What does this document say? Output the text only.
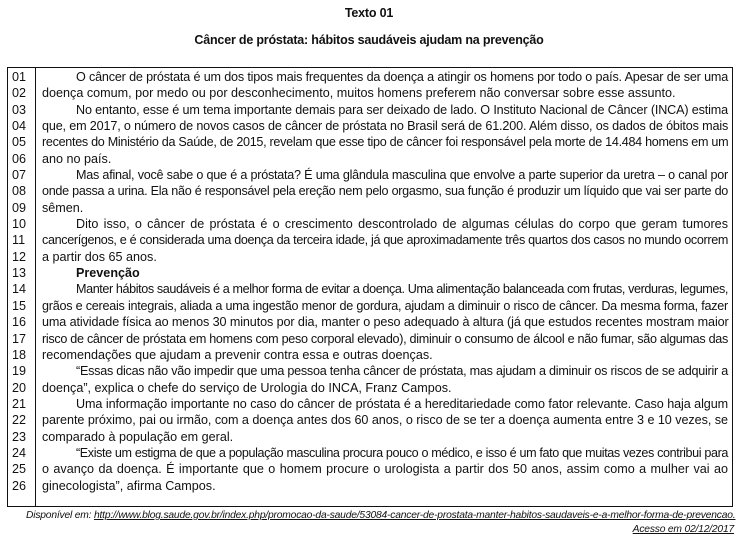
Texto 01
Câncer de próstata: hábitos saudáveis ajudam na prevenção
01	O câncer de próstata é um dos tipos mais frequentes da doença a atingir os homens por todo o país. Apesar de ser uma
02	doença comum, por medo ou por desconhecimento, muitos homens preferem não conversar sobre esse assunto.
03	No entanto, esse é um tema importante demais para ser deixado de lado. O Instituto Nacional de Câncer (INCA) estima
04	que, em 2017, o número de novos casos de câncer de próstata no Brasil será de 61.200. Além disso, os dados de óbitos mais
05	recentes do Ministério da Saúde, de 2015, revelam que esse tipo de câncer foi responsável pela morte de 14.484 homens em um
06	ano no país.
07	Mas afinal, você sabe o que é a próstata? É uma glândula masculina que envolve a parte superior da uretra – o canal por
08	onde passa a urina. Ela não é responsável pela ereção nem pelo orgasmo, sua função é produzir um líquido que vai ser parte do
09	sêmen.
10	Dito isso, o câncer de próstata é o crescimento descontrolado de algumas células do corpo que geram tumores
11	cancerígenos, e é considerada uma doença da terceira idade, já que aproximadamente três quartos dos casos no mundo ocorrem
12	a partir dos 65 anos.
13	Prevenção
14	Manter hábitos saudáveis é a melhor forma de evitar a doença. Uma alimentação balanceada com frutas, verduras, legumes,
15	grãos e cereais integrais, aliada a uma ingestão menor de gordura, ajudam a diminuir o risco de câncer. Da mesma forma, fazer
16	uma atividade física ao menos 30 minutos por dia, manter o peso adequado à altura (já que estudos recentes mostram maior
17	risco de câncer de próstata em homens com peso corporal elevado), diminuir o consumo de álcool e não fumar, são algumas das
18	recomendações que ajudam a prevenir contra essa e outras doenças.
19	“Essas dicas não vão impedir que uma pessoa tenha câncer de próstata, mas ajudam a diminuir os riscos de se adquirir a
20	doença”, explica o chefe do serviço de Urologia do INCA, Franz Campos.
21	Uma informação importante no caso do câncer de próstata é a hereditariedade como fator relevante. Caso haja algum
22	parente próximo, pai ou irmão, com a doença antes dos 60 anos, o risco de se ter a doença aumenta entre 3 e 10 vezes, se
23	comparado à população em geral.
24	“Existe um estigma de que a população masculina procura pouco o médico, e isso é um fato que muitas vezes contribui para
25	o avanço da doença. É importante que o homem procure o urologista a partir dos 50 anos, assim como a mulher vai ao
26	ginecologista”, afirma Campos.
Disponível em: http://www.blog.saude.gov.br/index.php/promocao-da-saude/53084-cancer-de-prostata-manter-habitos-saudaveis-e-a-melhor-forma-de-prevencao.
Acesso em 02/12/2017
